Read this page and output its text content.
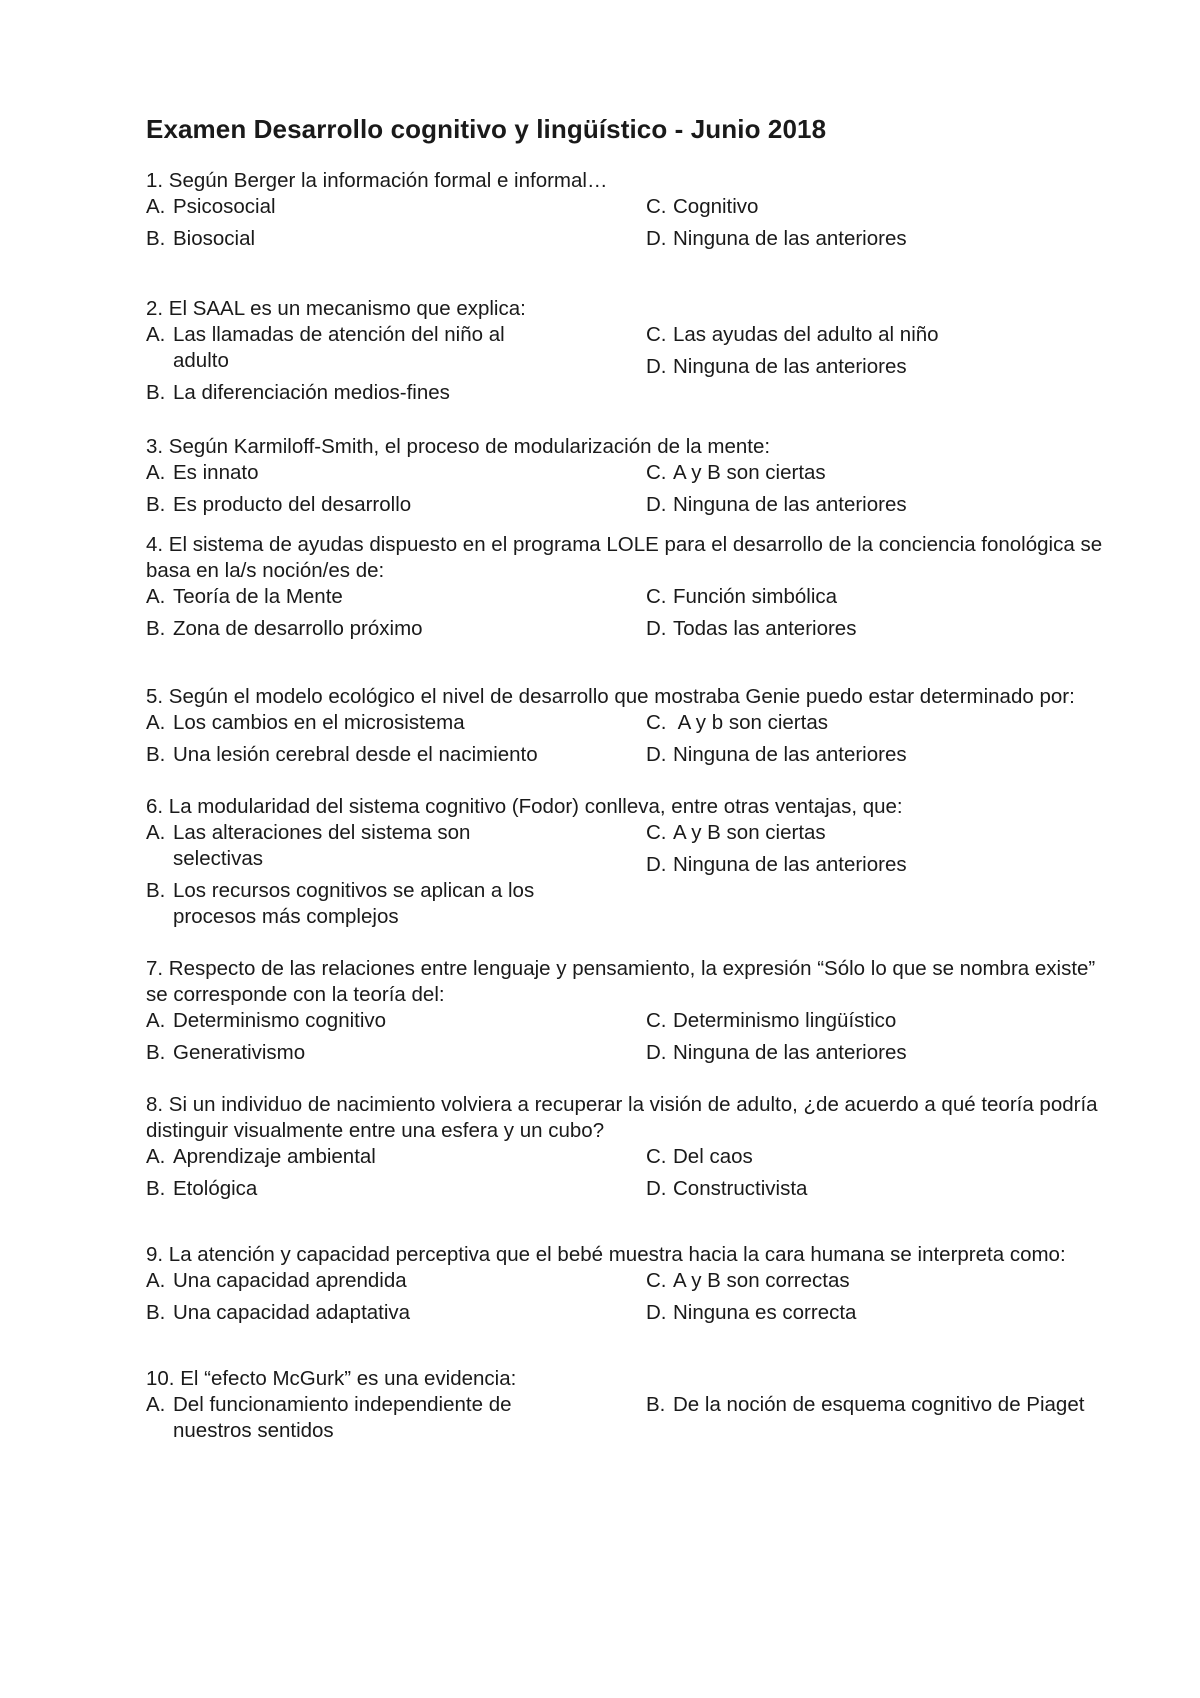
Examen Desarrollo cognitivo y lingüístico - Junio 2018

1. Según Berger la información formal e informal…

A. Psicosocial
B. Biosocial
C. Cognitivo
D. Ninguna de las anteriores

2. El SAAL es un mecanismo que explica:

A. Las llamadas de atención del niño al adulto
B. La diferenciación medios-fines
C. Las ayudas del adulto al niño
D. Ninguna de las anteriores

3. Según Karmiloff-Smith, el proceso de modularización de la mente:

A. Es innato
B. Es producto del desarrollo
C. A y B son ciertas
D. Ninguna de las anteriores

4. El sistema de ayudas dispuesto en el programa LOLE para el desarrollo de la conciencia fonológica se basa en la/s noción/es de:

A. Teoría de la Mente
B. Zona de desarrollo próximo
C. Función simbólica
D. Todas las anteriores

5. Según el modelo ecológico el nivel de desarrollo que mostraba Genie puedo estar determinado por:

A. Los cambios en el microsistema
B. Una lesión cerebral desde el nacimiento
C. A y b son ciertas
D. Ninguna de las anteriores

6. La modularidad del sistema cognitivo (Fodor) conlleva, entre otras ventajas, que:

A. Las alteraciones del sistema son selectivas
B. Los recursos cognitivos se aplican a los procesos más complejos
C. A y B son ciertas
D. Ninguna de las anteriores

7. Respecto de las relaciones entre lenguaje y pensamiento, la expresión “Sólo lo que se nombra existe” se corresponde con la teoría del:

A. Determinismo cognitivo
B. Generativismo
C. Determinismo lingüístico
D. Ninguna de las anteriores

8. Si un individuo de nacimiento volviera a recuperar la visión de adulto, ¿de acuerdo a qué teoría podría distinguir visualmente entre una esfera y un cubo?

A. Aprendizaje ambiental
B. Etológica
C. Del caos
D. Constructivista

9. La atención y capacidad perceptiva que el bebé muestra hacia la cara humana se interpreta como:

A. Una capacidad aprendida
B. Una capacidad adaptativa
C. A y B son correctas
D. Ninguna es correcta

10. El “efecto McGurk” es una evidencia:

A. Del funcionamiento independiente de nuestros sentidos
B. De la noción de esquema cognitivo de Piaget
